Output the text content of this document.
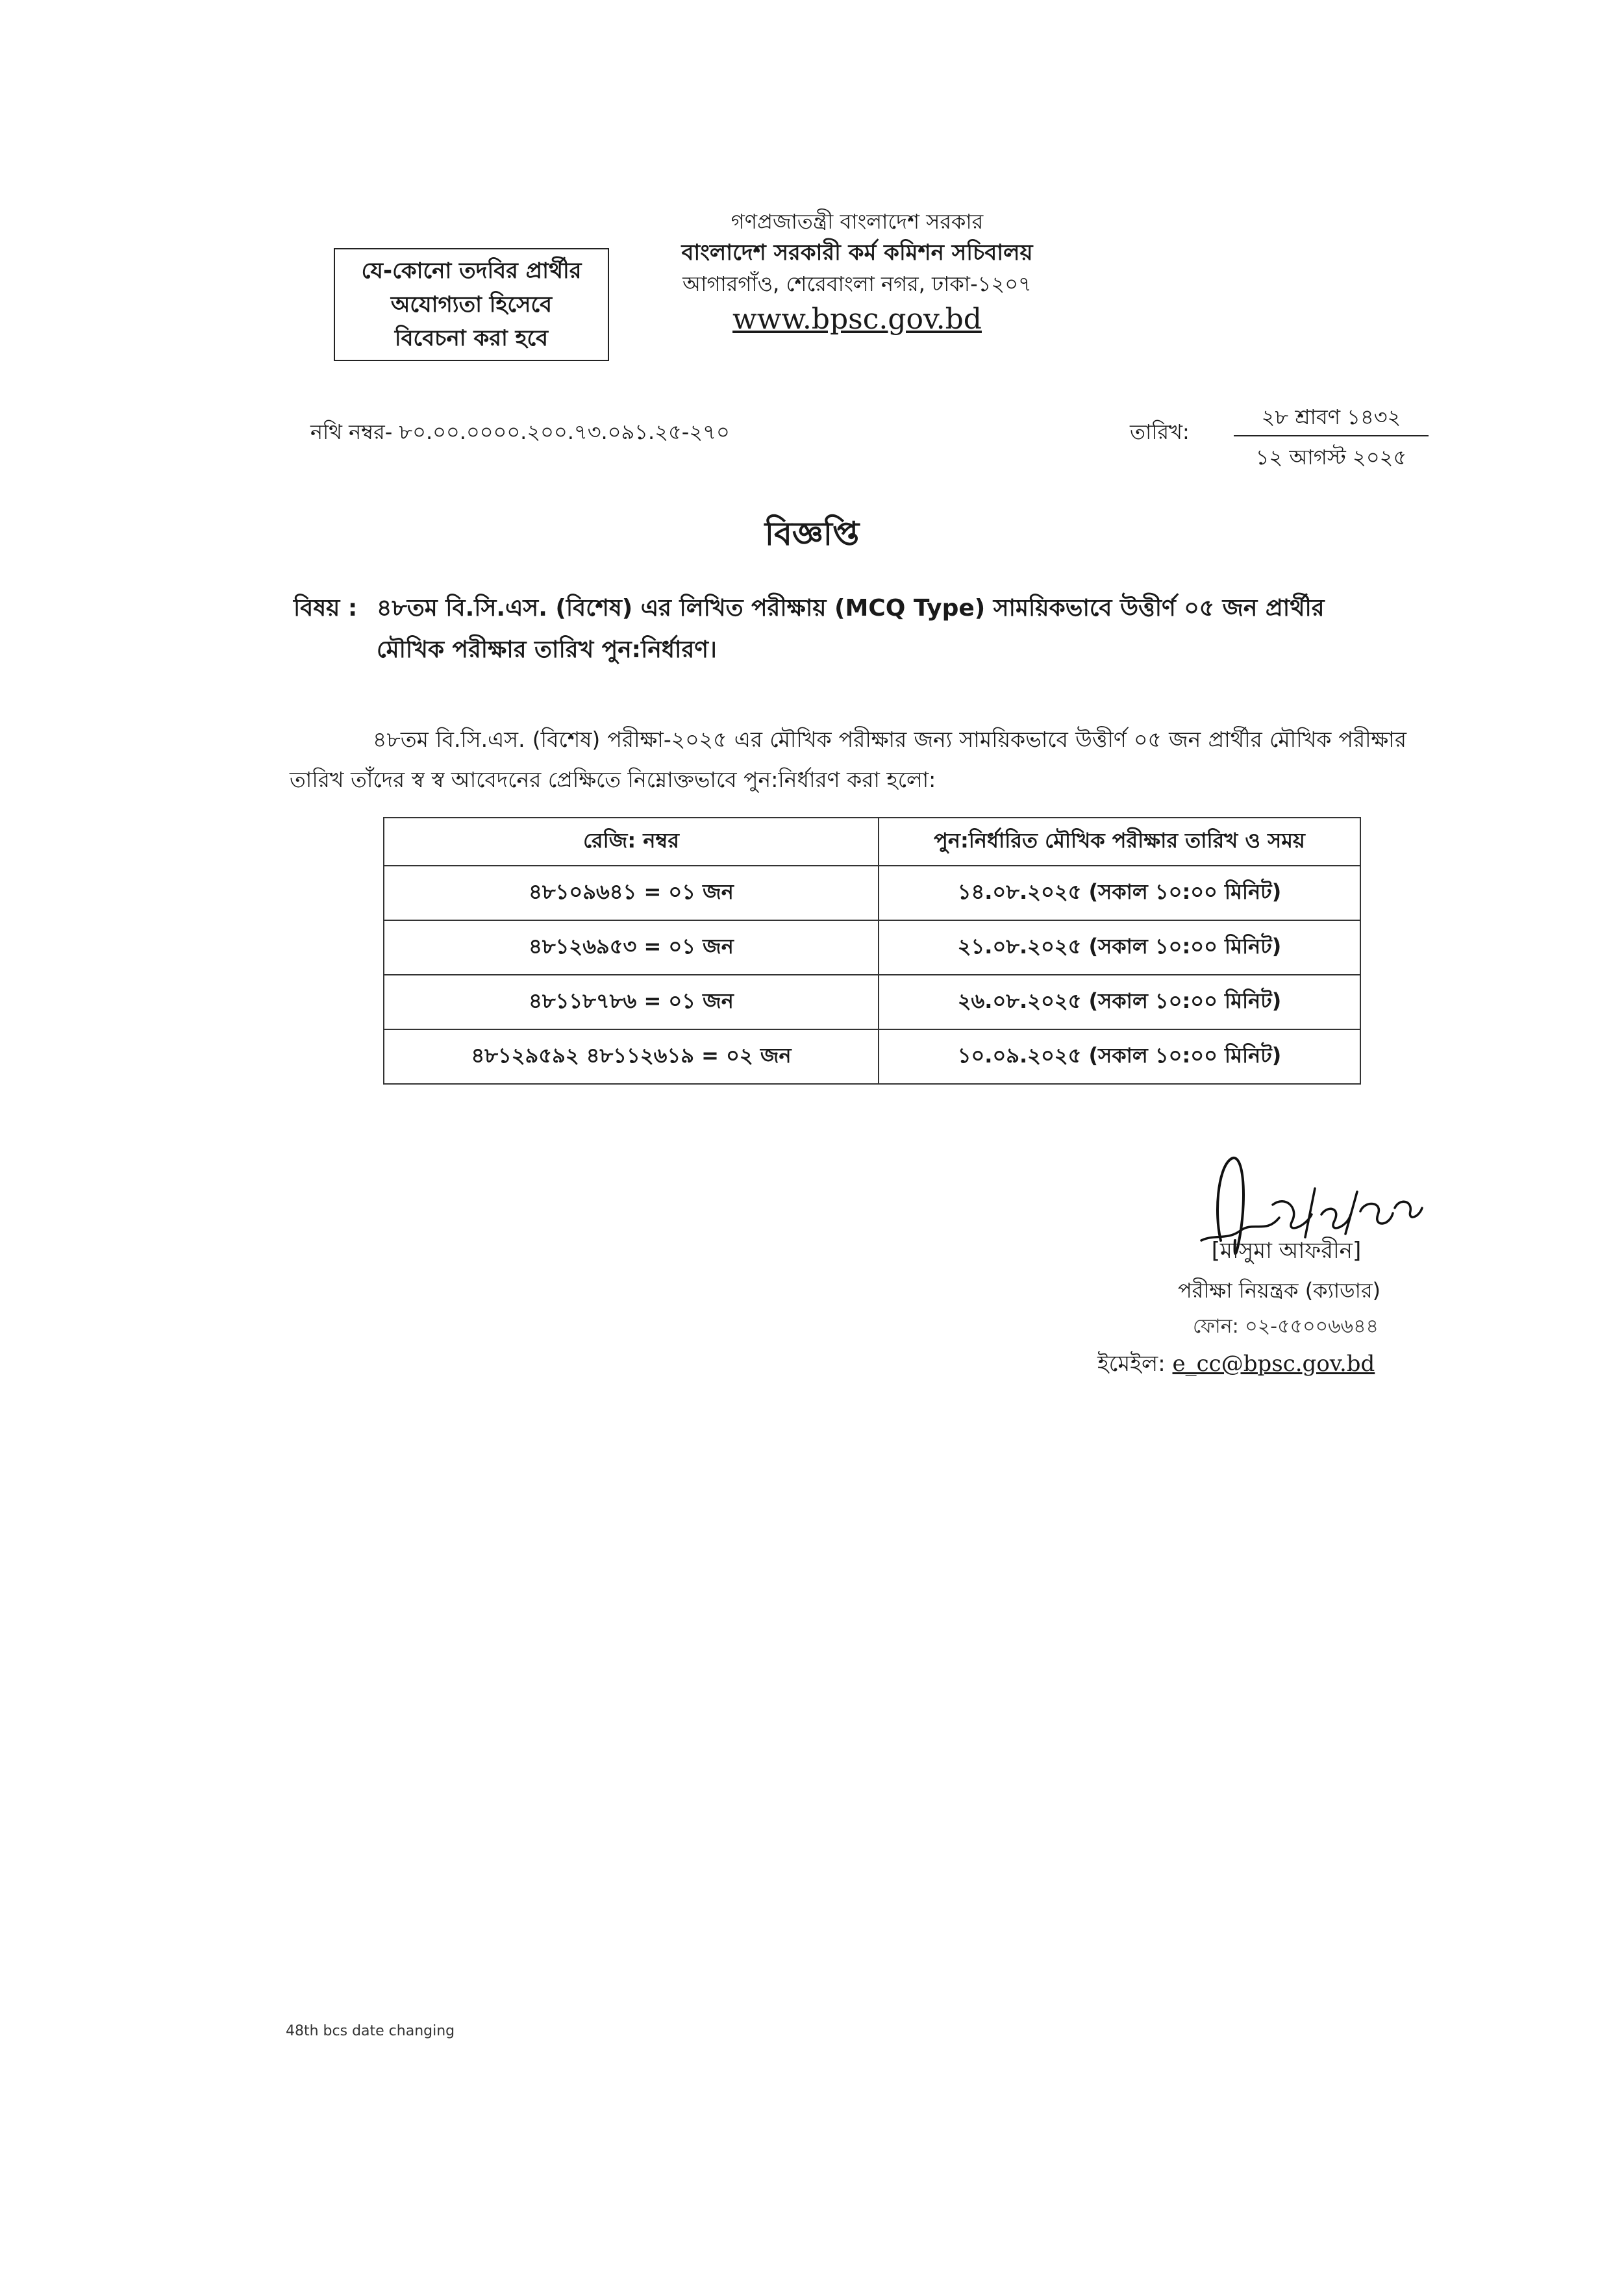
যে-কোনো তদবির প্রার্থীর
অযোগ্যতা হিসেবে
বিবেচনা করা হবে
গণপ্রজাতন্ত্রী বাংলাদেশ সরকার
বাংলাদেশ সরকারী কর্ম কমিশন সচিবালয়
আগারগাঁও, শেরেবাংলা নগর, ঢাকা-১২০৭
www.bpsc.gov.bd
নথি নম্বর- ৮০.০০.০০০০.২০০.৭৩.০৯১.২৫-২৭০	তারিখ:
২৮ শ্রাবণ ১৪৩২
১২ আগস্ট ২০২৫
বিজ্ঞপ্তি
বিষয় : ৪৮তম বি.সি.এস. (বিশেষ) এর লিখিত পরীক্ষায় (MCQ Type) সাময়িকভাবে উত্তীর্ণ ০৫ জন প্রার্থীর
মৌখিক পরীক্ষার তারিখ পুন:নির্ধারণ।
৪৮তম বি.সি.এস. (বিশেষ) পরীক্ষা-২০২৫ এর মৌখিক পরীক্ষার জন্য সাময়িকভাবে উত্তীর্ণ ০৫ জন প্রার্থীর মৌখিক পরীক্ষার তারিখ তাঁদের স্ব স্ব আবেদনের প্রেক্ষিতে নিম্নোক্তভাবে পুন:নির্ধারণ করা হলো:
রেজি: নম্বর	পুন:নির্ধারিত মৌখিক পরীক্ষার তারিখ ও সময়
৪৮১০৯৬৪১ = ০১ জন	১৪.০৮.২০২৫ (সকাল ১০:০০ মিনিট)
৪৮১২৬৯৫৩ = ০১ জন	২১.০৮.২০২৫ (সকাল ১০:০০ মিনিট)
৪৮১১৮৭৮৬ = ০১ জন	২৬.০৮.২০২৫ (সকাল ১০:০০ মিনিট)
৪৮১২৯৫৯২ ৪৮১১২৬১৯ = ০২ জন	১০.০৯.২০২৫ (সকাল ১০:০০ মিনিট)
[মাসুমা আফরীন]
পরীক্ষা নিয়ন্ত্রক (ক্যাডার)
ফোন: ০২-৫৫০০৬৬৪৪
ইমেইল: e_cc@bpsc.gov.bd
48th bcs date changing
